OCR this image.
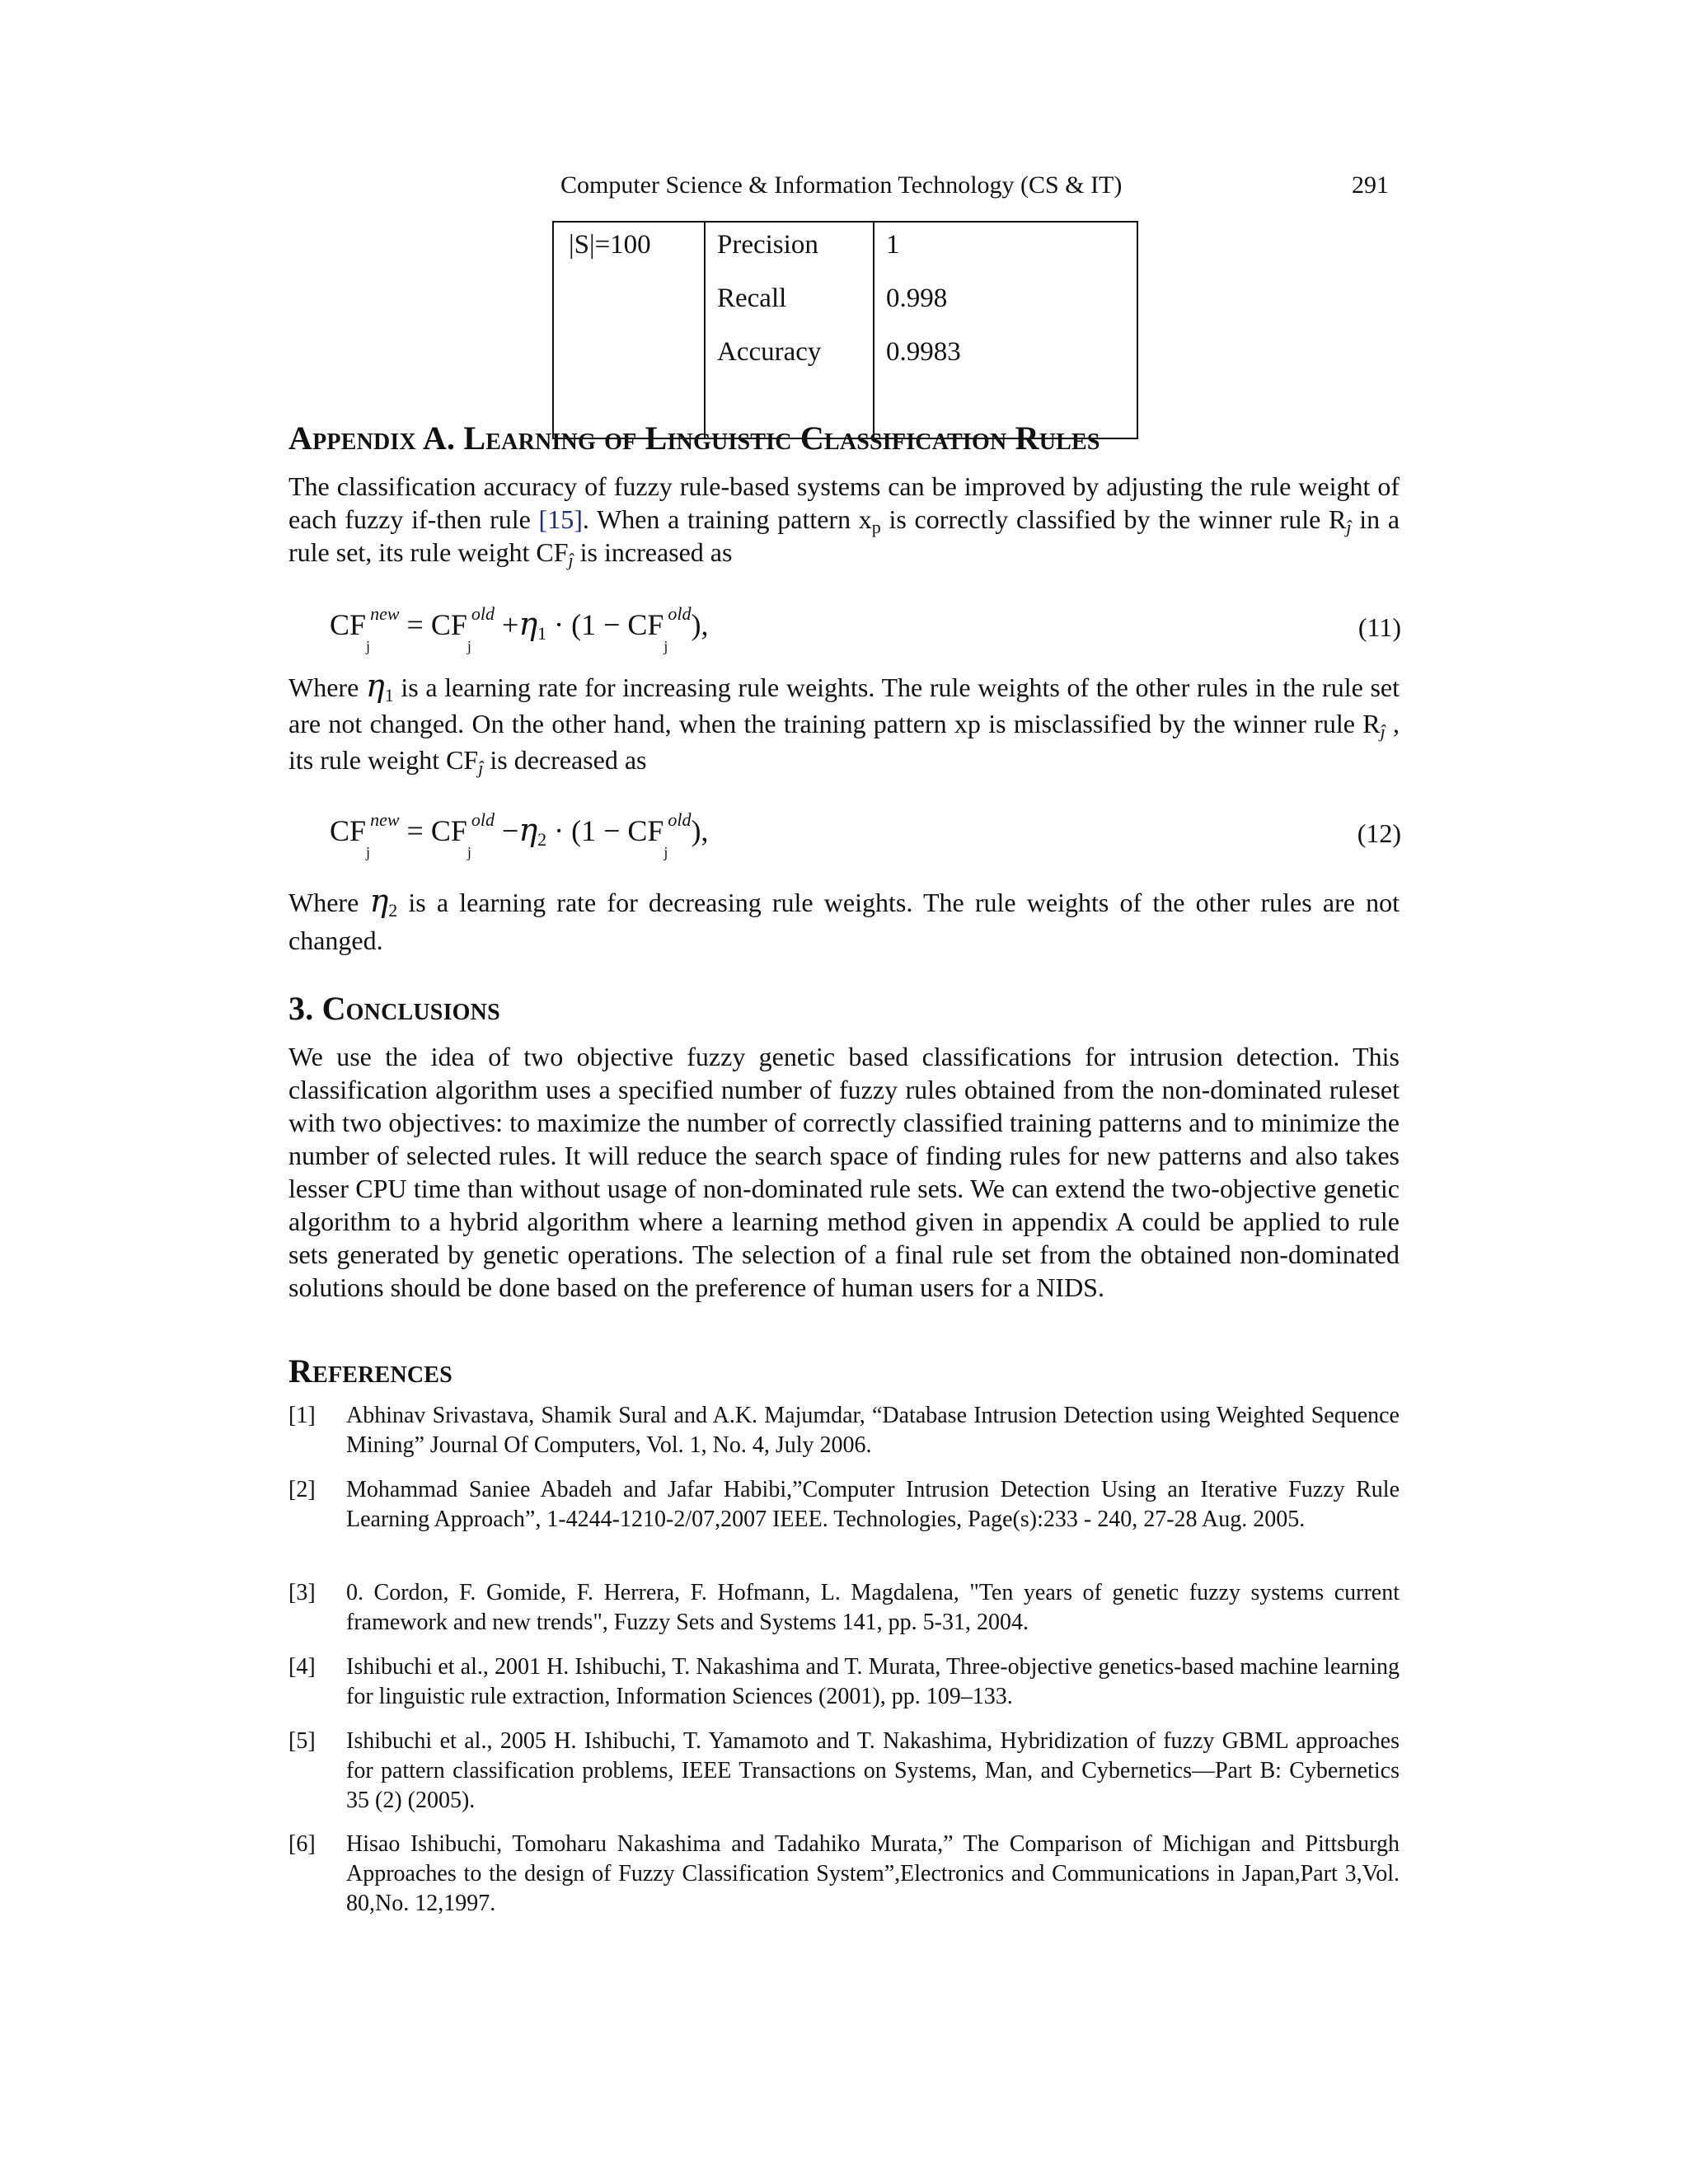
Computer Science & Information Technology (CS & IT)	291
|S|=100	Precision	1
	Recall	0.998
	Accuracy	0.9983

Appendix A. Learning of Linguistic Classification Rules
The classification accuracy of fuzzy rule-based systems can be improved by adjusting the rule weight of each fuzzy if-then rule [15]. When a training pattern $x_p$ is correctly classified by the winner rule $R_ĵ$ in a rule set, its rule weight $CF_ĵ$ is increased as
$CF_j^{new} = CF_j^{old} +\eta_1 \cdot (1 - CF_j^{old})$,	(11)
Where $\eta_1$ is a learning rate for increasing rule weights. The rule weights of the other rules in the rule set are not changed. On the other hand, when the training pattern xp is misclassified by the winner rule $R_ĵ$ , its rule weight $CF_ĵ$ is decreased as
$CF_j^{new} = CF_j^{old} -\eta_2 \cdot (1 - CF_j^{old})$,	(12)
Where $\eta_2$ is a learning rate for decreasing rule weights. The rule weights of the other rules are not changed.
3. Conclusions
We use the idea of two objective fuzzy genetic based classifications for intrusion detection. This classification algorithm uses a specified number of fuzzy rules obtained from the non-dominated ruleset with two objectives: to maximize the number of correctly classified training patterns and to minimize the number of selected rules. It will reduce the search space of finding rules for new patterns and also takes lesser CPU time than without usage of non-dominated rule sets. We can extend the two-objective genetic algorithm to a hybrid algorithm where a learning method given in appendix A could be applied to rule sets generated by genetic operations. The selection of a final rule set from the obtained non-dominated solutions should be done based on the preference of human users for a NIDS.
References
[1] Abhinav Srivastava, Shamik Sural and A.K. Majumdar, “Database Intrusion Detection using Weighted Sequence Mining” Journal Of Computers, Vol. 1, No. 4, July 2006.
[2] Mohammad Saniee Abadeh and Jafar Habibi,”Computer Intrusion Detection Using an Iterative Fuzzy Rule Learning Approach”, 1-4244-1210-2/07,2007 IEEE. Technologies, Page(s):233 - 240, 27-28 Aug. 2005.
[3] 0. Cordon, F. Gomide, F. Herrera, F. Hofmann, L. Magdalena, "Ten years of genetic fuzzy systems current framework and new trends", Fuzzy Sets and Systems 141, pp. 5-31, 2004.
[4] Ishibuchi et al., 2001 H. Ishibuchi, T. Nakashima and T. Murata, Three-objective genetics-based machine learning for linguistic rule extraction, Information Sciences (2001), pp. 109–133.
[5] Ishibuchi et al., 2005 H. Ishibuchi, T. Yamamoto and T. Nakashima, Hybridization of fuzzy GBML approaches for pattern classification problems, IEEE Transactions on Systems, Man, and Cybernetics—Part B: Cybernetics 35 (2) (2005).
[6] Hisao Ishibuchi, Tomoharu Nakashima and Tadahiko Murata,” The Comparison of Michigan and Pittsburgh Approaches to the design of Fuzzy Classification System”,Electronics and Communications in Japan,Part 3,Vol. 80,No. 12,1997.
